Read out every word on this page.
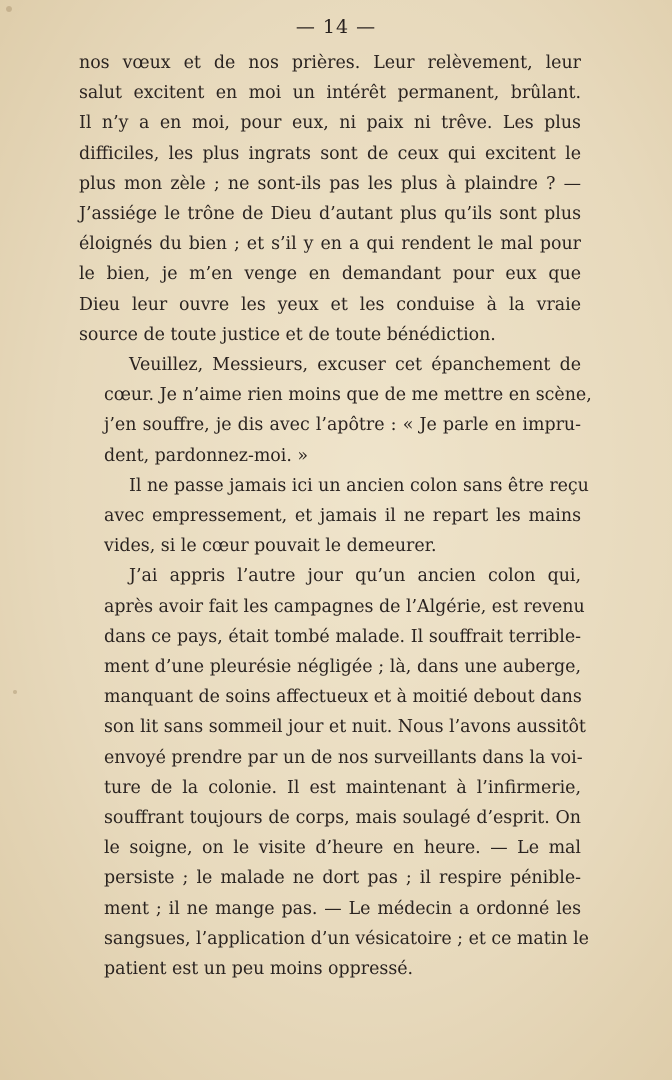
— 14 —
nos vœux et de nos prières. Leur relèvement, leur
salut excitent en moi un intérêt permanent, brûlant.
Il n’y a en moi, pour eux, ni paix ni trêve. Les plus
difficiles, les plus ingrats sont de ceux qui excitent le
plus mon zèle ; ne sont-ils pas les plus à plaindre ? —
J’assiége le trône de Dieu d’autant plus qu’ils sont plus
éloignés du bien ; et s’il y en a qui rendent le mal pour
le bien, je m’en venge en demandant pour eux que
Dieu leur ouvre les yeux et les conduise à la vraie
source de toute justice et de toute bénédiction.
Veuillez, Messieurs, excuser cet épanchement de
cœur. Je n’aime rien moins que de me mettre en scène,
j’en souffre, je dis avec l’apôtre : « Je parle en impru-
dent, pardonnez-moi. »
Il ne passe jamais ici un ancien colon sans être reçu
avec empressement, et jamais il ne repart les mains
vides, si le cœur pouvait le demeurer.
J’ai appris l’autre jour qu’un ancien colon qui,
après avoir fait les campagnes de l’Algérie, est revenu
dans ce pays, était tombé malade. Il souffrait terrible-
ment d’une pleurésie négligée ; là, dans une auberge,
manquant de soins affectueux et à moitié debout dans
son lit sans sommeil jour et nuit. Nous l’avons aussitôt
envoyé prendre par un de nos surveillants dans la voi-
ture de la colonie. Il est maintenant à l’infirmerie,
souffrant toujours de corps, mais soulagé d’esprit. On
le soigne, on le visite d’heure en heure. — Le mal
persiste ; le malade ne dort pas ; il respire pénible-
ment ; il ne mange pas. — Le médecin a ordonné les
sangsues, l’application d’un vésicatoire ; et ce matin le
patient est un peu moins oppressé.
